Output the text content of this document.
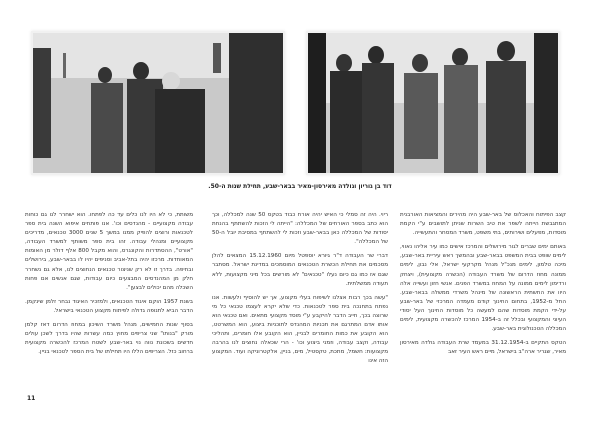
דוד בן גוריון וגולדה מאירסון-מאיר בבאר-שבע, תחילת שנות ה-50.

קצב הפיתוח והאכלוס של באר-שבע היה מהירים והמציאות האורבנית המתגבשת הייתה לשפר את טיב השרות שניתן לתושבים ע"י הקמת מוסדות, מפעלים ושירותים, בתי משפט, משרד המסחר והתעשייה.

באותם ימים שברים לגור מירושלים והמרכז אישים כמו עיר אליהו נאווי, לימים שופט בבית המשפט בבאר-שבע ובהמשך ראש עיריית באר-שבע, מיכה טלמון, לימים מנכ"ל מנהל מקרקעי ישראל, אלי נבון, לימים ממונה מחוז הדרום של משרד העבודה (הכשרה מקצועית), ויצחק ורדימון לימים ממונה על המחוז במשרד הפנים. אנשי חזון ועשייה אלה היוו את החשתית הראשונה של מינהל משרדי ממשלה בבאר-שבע. החל מ-1952, בתחום החינוך קודם מעמדה המרכזי של באר-שבע על-ידי הקמת מוסדות שהם למעשה כל מוסדות החינוך העל יסודי העיוני והמקצועי ובכלל זה ב-1954 המרכז להכשרה מקצועית, לימים המכללה הטכנולוגית באר-שבע.

הטקס התקיים ב-31.12.1954 במעמד שרת העבודה גולדה מאירסון מאיר, שגריר ארה"ב בישראל, מיים ראש העיר זאב

ריוי. היה זה סמלי כי האיש יהיה אורח כבוד בטקס 50 שנה למכללה, וכך הוא כתב בספר האורחים של המכללה: "הייתה לי הזכות להשתתף בהנחת יסודות של המכללה כאן בבאר-שבע וזכות לי להשתתף במסיבת יובל ה-50 של המכללה".

דברי שר העבודה ד"ר גיורא יוספטל מיום 15.12.1960 המצאים להלן מסכמים את תחילת הכשרת הטכנאים המוסמכים במדינת ישראל. מסתבר שגם אז כמו גם כיום נעלו "טכנאים" לא מורשים בכל מיני מקצועות, ללא תעודה ממשלתית.

"עשה בכך רבות אצלנו לשיפוח בעלי מקצוע, אך יש להוסיף ולעשות. אנו נפתח בתחנכה בית ספר לטכנאות. כדי שלא יקרא לעצמו טכנאי כל מי שרוצה בכך, חייב הדבר להיקבע ע"י מוסד מקצועי מתאים. ואם טכנאי הוא אותו אדם המתרגם את תכניות המהנדס לתוכניות ביצוע, הוא המשרטט, הוא הקובע את כמות החומרים לבניין, הוא הקובע אלו חומרים, ותהליכי עבודה, וקצב עבודה, וזמני ביצוע וכו' - הרי שכאלה נחוצים לנו בהרבה מקצועות: חשמל, מתכת, טקסטיל, מים, בניין, אלקטרוניקה ועוד. המקצוע הזה אינו

משותת, כי לא היו לנו כלים עד כה לפתחו. הוא ישחרר לנו גם כוחות עבודה מקצועיים - מהנדסים וכו'. אנו פותחים איפוא השנה בית ספר לטכנאות ורוצים להפיק ממנו במשך 5 שנים 3000 טכנאים, מדריכים מקצועיים ומנהלי עבודה. זהו בית ספר משותף למשרד העבודה, "אורט", ההסתדרות והקונגרס, והוא מקבל 800 אלף דולר מן האומות המאוחדות. מרכזו יהיה בתל-אביב וסניפים יהיו לו בבאר-שבע, בירושלים ובחיפה. בדרך זו לא רק שניצור טכנאים הנחוצים לנו, אלא גם נשחרר חלק מן המהנדסים המבצעים כיום עבודות, שגם אנשים אם פחות השכלה מהם יכולים לבצען".

בשנת 1957 הוקם איגוד הטכנאים, ולמזכיר האיגוד נבחר זלמן שינקמן. הדבר הביא לתנופה גדולה לפיתוח מקצוע הטכנאי בישראל.

בסוף שנות החמישים, מנהל משרד השיכון במחוז הדרום דאז קלמן מורק "בנותו" שני צריפים מחוץ כמה עשרות שהיו בדרך לשכן עולים חדשים בשכונת נווה נוי באר-שבע לשטח המרכז להכשרה מקצועית ברחוב כזל. הצריפים הללו היו תחילתו של בית הספר לטכנאי בניין.

11
